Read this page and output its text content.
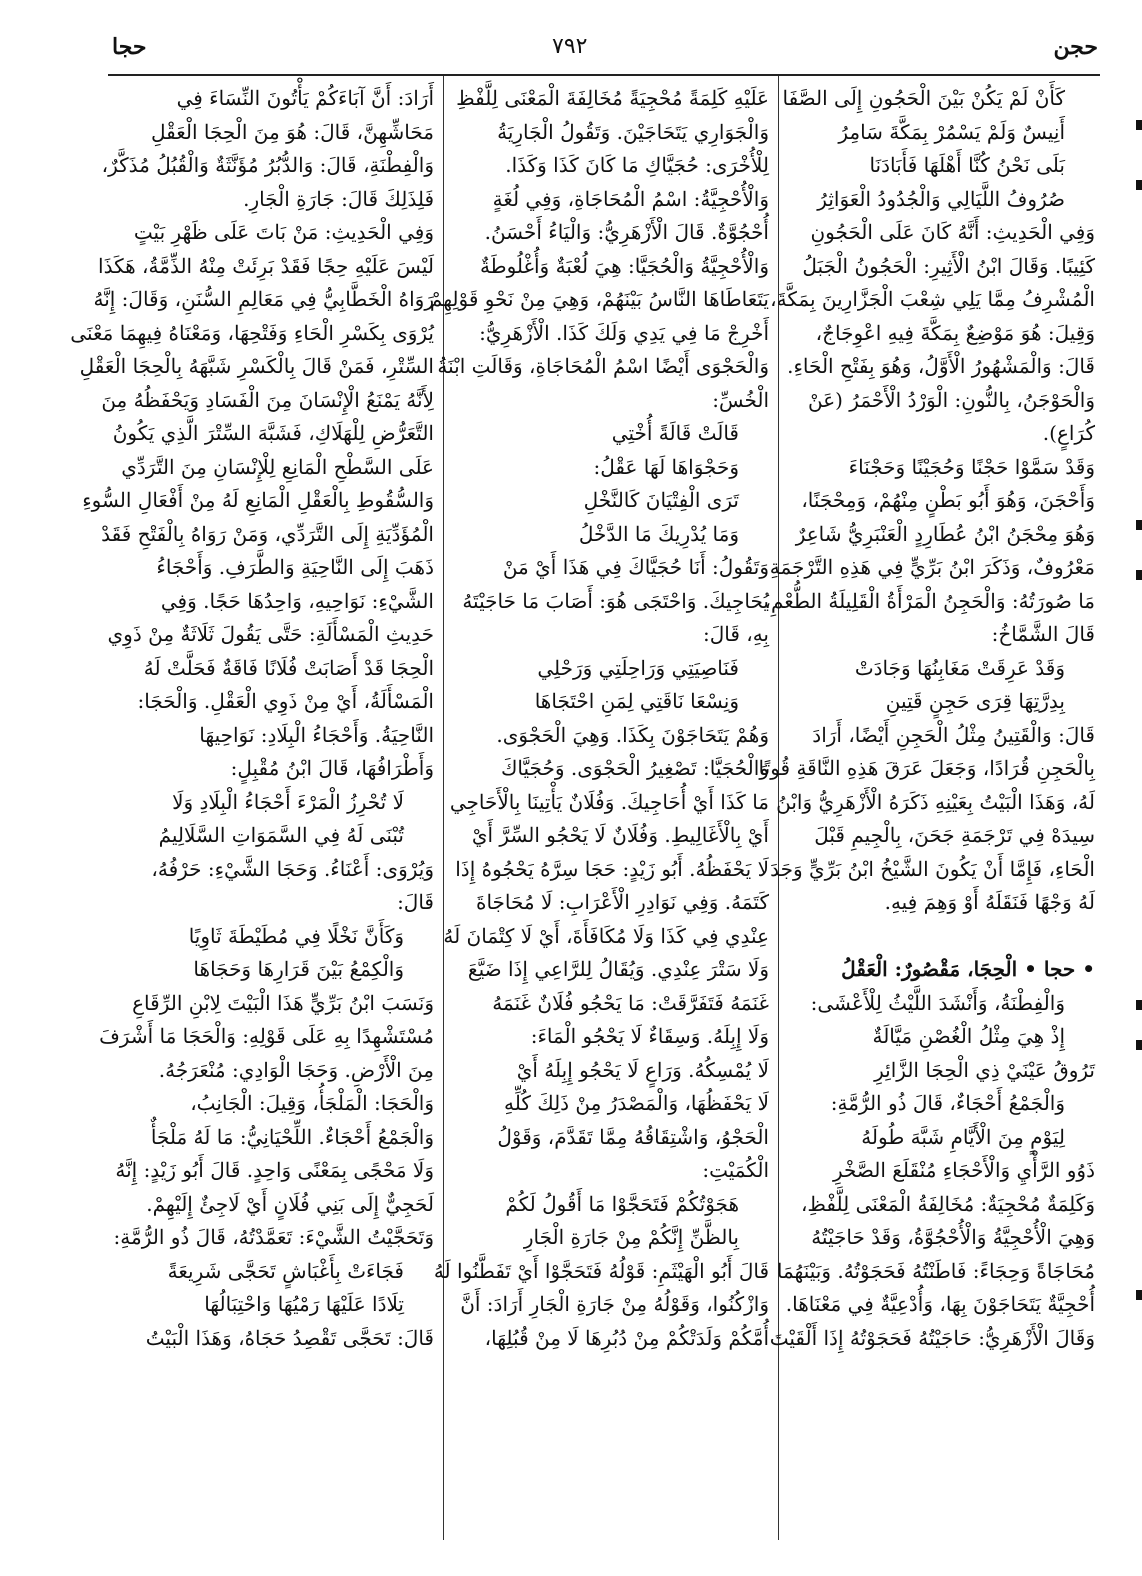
حجن
٧٩٢
حجا
كَأَنْ لَمْ يَكُنْ بَيْنَ الْحَجُونِ إِلَى الصَّفَا
أَنِيسٌ وَلَمْ يَسْمُرْ بِمَكَّةَ سَامِرُ
بَلَى نَحْنُ كُنَّا أَهْلَهَا فَأَبَادَنَا
صُرُوفُ اللَّيَالِي وَالْجُدُودُ الْعَوَاثِرُ
وَفِي الْحَدِيثِ: أَنَّهُ كَانَ عَلَى الْحَجُونِ
كَئِيبًا. وَقَالَ ابْنُ الْأَثِيرِ: الْحَجُونُ الْجَبَلُ
الْمُشْرِفُ مِمَّا يَلِي شِعْبَ الْجَزَّارِينَ بِمَكَّةَ،
وَقِيلَ: هُوَ مَوْضِعٌ بِمَكَّةَ فِيهِ اعْوِجَاجٌ،
قَالَ: وَالْمَشْهُورُ الْأَوَّلُ، وَهُوَ بِفَتْحِ الْحَاءِ.
وَالْحَوْجَنُ، بِالنُّونِ: الْوَرْدُ الْأَحْمَرُ (عَنْ
كُرَاعٍ).
وَقَدْ سَمَّوْا حَجْنًا وَحُجَيْنًا وَحَجْنَاءَ
وَأَحْجَنَ، وَهُوَ أَبُو بَطْنٍ مِنْهُمْ، وَمِحْجَنًا،
وَهُوَ مِحْجَنُ ابْنُ عُطَارِدٍ الْعَنْبَرِيُّ شَاعِرٌ
مَعْرُوفٌ، وَذَكَرَ ابْنُ بَرِّيٍّ فِي هَذِهِ التَّرْجَمَةِ
مَا صُورَتُهُ: وَالْحَجِنُ الْمَرْأَةُ الْقَلِيلَةُ الطُّعْمِ،
قَالَ الشَّمَّاخُ:
وَقَدْ عَرِقَتْ مَغَابِنُهَا وَجَادَتْ
بِدِرَّتِهَا قِرَى حَجِنٍ قَتِينِ
قَالَ: وَالْقَتِينُ مِثْلُ الْحَجِنِ أَيْضًا، أَرَادَ
بِالْحَجِنِ قُرَادًا، وَجَعَلَ عَرَقَ هَذِهِ النَّاقَةِ قُوتًا
لَهُ، وَهَذَا الْبَيْتُ بِعَيْنِهِ ذَكَرَهُ الْأَزْهَرِيُّ وَابْنُ
سِيدَهْ فِي تَرْجَمَةِ جَحَنَ، بِالْجِيمِ قَبْلَ
الْحَاءِ، فَإِمَّا أَنْ يَكُونَ الشَّيْخُ ابْنُ بَرِّيٍّ وَجَدَ
لَهُ وَجْهًا فَنَقَلَهُ أَوْ وَهِمَ فِيهِ.
• حجا • الْحِجَا، مَقْصُورٌ: الْعَقْلُ
وَالْفِطْنَةُ، وَأَنْشَدَ اللَّيْثُ لِلْأَعْشَى:
إِذْ هِيَ مِثْلُ الْغُصْنِ مَيَّالَةٌ
تَرُوقُ عَيْنَيْ ذِي الْحِجَا الزَّائِرِ
وَالْجَمْعُ أَحْجَاءٌ، قَالَ ذُو الرُّمَّةِ:
لِيَوْمٍ مِنَ الْأَيَّامِ شَبَّهَ طُولَهُ
ذَوُو الرَّأْيِ وَالْأَحْجَاءِ مُنْقَلَعَ الصَّخْرِ
وَكَلِمَةٌ مُحْجِيَةٌ: مُخَالِفَةُ الْمَعْنَى لِلَّفْظِ،
وَهِيَ الْأُحْجِيَّةُ وَالْأُحْجُوَّةُ، وَقَدْ حَاجَيْتُهُ
مُحَاجَاةً وَحِجَاءً: فَاطَنْتُهُ فَحَجَوْتُهُ. وَبَيْنَهُمَا
أُحْجِيَّةٌ يَتَحَاجَوْنَ بِهَا، وَأُدْعِيَّةٌ فِي مَعْنَاهَا.
وَقَالَ الْأَزْهَرِيُّ: حَاجَيْتُهُ فَحَجَوْتُهُ إِذَا أَلْقَيْتَ
عَلَيْهِ كَلِمَةً مُحْجِيَةً مُخَالِفَةَ الْمَعْنَى لِلَّفْظِ
وَالْجَوَارِي يَتَحَاجَيْنَ. وَتَقُولُ الْجَارِيَةُ
لِلْأُخْرَى: حُجَيَّاكِ مَا كَانَ كَذَا وَكَذَا.
وَالْأُحْجِيَّةُ: اسْمُ الْمُحَاجَاةِ، وَفِي لُغَةٍ
أُحْجُوَّةٌ. قَالَ الْأَزْهَرِيُّ: وَالْيَاءُ أَحْسَنُ.
وَالْأُحْجِيَّةُ وَالْحُجَيَّا: هِيَ لُعْبَةٌ وَأُغْلُوطَةٌ
يَتَعَاطَاهَا النَّاسُ بَيْنَهُمْ، وَهِيَ مِنْ نَحْوِ قَوْلِهِمْ
أَخْرِجْ مَا فِي يَدِي وَلَكَ كَذَا. الْأَزْهَرِيُّ:
وَالْحَجْوَى أَيْضًا اسْمُ الْمُحَاجَاةِ، وَقَالَتِ ابْنَةُ
الْخُسِّ:
قَالَتْ قَالَةً أُخْتِي
وَحَجْوَاهَا لَهَا عَقْلُ:
تَرَى الْفِتْيَانَ كَالنَّخْلِ
وَمَا يُدْرِيكَ مَا الدَّخْلُ
وَتَقُولُ: أَنَا حُجَيَّاكَ فِي هَذَا أَيْ مَنْ
يُحَاجِيكَ. وَاحْتَجَى هُوَ: أَصَابَ مَا حَاجَيْتَهُ
بِهِ، قَالَ:
فَنَاصِيَتِي وَرَاحِلَتِي وَرَحْلِي
وَنِسْعَا نَاقَتِي لِمَنِ احْتَجَاهَا
وَهُمْ يَتَحَاجَوْنَ بِكَذَا. وَهِيَ الْحَجْوَى.
وَالْحُجَيَّا: تَصْغِيرُ الْحَجْوَى. وَحُجَيَّاكَ
مَا كَذَا أَيْ أُحَاجِيكَ. وَفُلَانٌ يَأْتِينَا بِالْأَحَاجِي
أَيْ بِالْأَغَالِيطِ. وَفُلَانٌ لَا يَحْجُو السِّرَّ أَيْ
لَا يَحْفَظُهُ. أَبُو زَيْدٍ: حَجَا سِرَّهُ يَحْجُوهُ إِذَا
كَتَمَهُ. وَفِي نَوَادِرِ الْأَعْرَابِ: لَا مُحَاجَاةَ
عِنْدِي فِي كَذَا وَلَا مُكَافَأَةَ، أَيْ لَا كِتْمَانَ لَهُ
وَلَا سَتْرَ عِنْدِي. وَيُقَالُ لِلرَّاعِي إِذَا ضَيَّعَ
غَنَمَهُ فَتَفَرَّقَتْ: مَا يَحْجُو فُلَانٌ غَنَمَهُ
وَلَا إِبِلَهُ. وَسِقَاءٌ لَا يَحْجُو الْمَاءَ:
لَا يُمْسِكُهُ. وَرَاعٍ لَا يَحْجُو إِبِلَهُ أَيْ
لَا يَحْفَظُهَا، وَالْمَصْدَرُ مِنْ ذَلِكَ كُلِّهِ
الْحَجْوُ، وَاشْتِقَاقُهُ مِمَّا تَقَدَّمَ، وَقَوْلُ
الْكُمَيْتِ:
هَجَوْتُكُمْ فَتَحَجَّوْا مَا أَقُولُ لَكُمْ
بِالظَّنِّ إِنَّكُمْ مِنْ جَارَةِ الْجَارِ
قَالَ أَبُو الْهَيْثَمِ: قَوْلُهُ فَتَحَجَّوْا أَيْ تَفَطَّنُوا لَهُ
وَازْكُنُوا، وَقَوْلُهُ مِنْ جَارَةِ الْجَارِ أَرَادَ: أَنَّ
أُمَّكُمْ وَلَدَتْكُمْ مِنْ دُبُرِهَا لَا مِنْ قُبُلِهَا،
أَرَادَ: أَنَّ آبَاءَكُمْ يَأْتُونَ النِّسَاءَ فِي
مَحَاشِّهِنَّ، قَالَ: هُوَ مِنَ الْحِجَا الْعَقْلِ
وَالْفِطْنَةِ، قَالَ: وَالدُّبُرُ مُؤَنَّثَةٌ وَالْقُبُلُ مُذَكَّرٌ،
فَلِذَلِكَ قَالَ: جَارَةِ الْجَارِ.
وَفِي الْحَدِيثِ: مَنْ بَاتَ عَلَى ظَهْرِ بَيْتٍ
لَيْسَ عَلَيْهِ حِجًا فَقَدْ بَرِئَتْ مِنْهُ الذِّمَّةُ، هَكَذَا
رَوَاهُ الْخَطَّابِيُّ فِي مَعَالِمِ السُّنَنِ، وَقَالَ: إِنَّهُ
يُرْوَى بِكَسْرِ الْحَاءِ وَفَتْحِهَا، وَمَعْنَاهُ فِيهِمَا مَعْنَى
السِّتْرِ، فَمَنْ قَالَ بِالْكَسْرِ شَبَّهَهُ بِالْحِجَا الْعَقْلِ
لِأَنَّهُ يَمْنَعُ الْإِنْسَانَ مِنَ الْفَسَادِ وَيَحْفَظُهُ مِنَ
التَّعَرُّضِ لِلْهَلَاكِ، فَشَبَّهَ السِّتْرَ الَّذِي يَكُونُ
عَلَى السَّطْحِ الْمَانِعِ لِلْإِنْسَانِ مِنَ التَّرَدِّي
وَالسُّقُوطِ بِالْعَقْلِ الْمَانِعِ لَهُ مِنْ أَفْعَالِ السُّوءِ
الْمُؤَدِّيَةِ إِلَى التَّرَدِّي، وَمَنْ رَوَاهُ بِالْفَتْحِ فَقَدْ
ذَهَبَ إِلَى النَّاحِيَةِ وَالطَّرَفِ. وَأَحْجَاءُ
الشَّيْءِ: نَوَاحِيهِ، وَاحِدُهَا حَجًا. وَفِي
حَدِيثِ الْمَسْأَلَةِ: حَتَّى يَقُولَ ثَلَاثَةٌ مِنْ ذَوِي
الْحِجَا قَدْ أَصَابَتْ فُلَانًا فَاقَةٌ فَحَلَّتْ لَهُ
الْمَسْأَلَةُ، أَيْ مِنْ ذَوِي الْعَقْلِ. وَالْحَجَا:
النَّاحِيَةُ. وَأَحْجَاءُ الْبِلَادِ: نَوَاحِيهَا
وَأَطْرَافُهَا، قَالَ ابْنُ مُقْبِلٍ:
لَا تُحْرِزُ الْمَرْءَ أَحْجَاءُ الْبِلَادِ وَلَا
تُبْنَى لَهُ فِي السَّمَوَاتِ السَّلَالِيمُ
وَيُرْوَى: أَعْنَاءُ. وَحَجَا الشَّيْءِ: حَرْفُهُ،
قَالَ:
وَكَأَنَّ نَخْلًا فِي مُطَيْطَةَ ثَاوِيًا
وَالْكِمْعُ بَيْنَ قَرَارِهَا وَحَجَاهَا
وَنَسَبَ ابْنُ بَرِّيٍّ هَذَا الْبَيْتَ لِابْنِ الرِّقَاعِ
مُسْتَشْهِدًا بِهِ عَلَى قَوْلِهِ: وَالْحَجَا مَا أَشْرَفَ
مِنَ الْأَرْضِ. وَحَجَا الْوَادِي: مُنْعَرَجُهُ.
وَالْحَجَا: الْمَلْجَأُ، وَقِيلَ: الْجَانِبُ،
وَالْجَمْعُ أَحْجَاءٌ. اللِّحْيَانِيُّ: مَا لَهُ مَلْجَأٌ
وَلَا مَحْجًى بِمَعْنًى وَاحِدٍ. قَالَ أَبُو زَيْدٍ: إِنَّهُ
لَحَجِيٌّ إِلَى بَنِي فُلَانٍ أَيْ لَاجِئٌ إِلَيْهِمْ.
وَتَحَجَّيْتُ الشَّيْءَ: تَعَمَّدْتُهُ، قَالَ ذُو الرُّمَّةِ:
فَجَاءَتْ بِأَغْبَاشٍ تَحَجَّى شَرِيعَةً
تِلَادًا عَلَيْهَا رَمْيُهَا وَاحْتِبَالُهَا
قَالَ: تَحَجَّى تَقْصِدُ حَجَاهُ، وَهَذَا الْبَيْتُ
